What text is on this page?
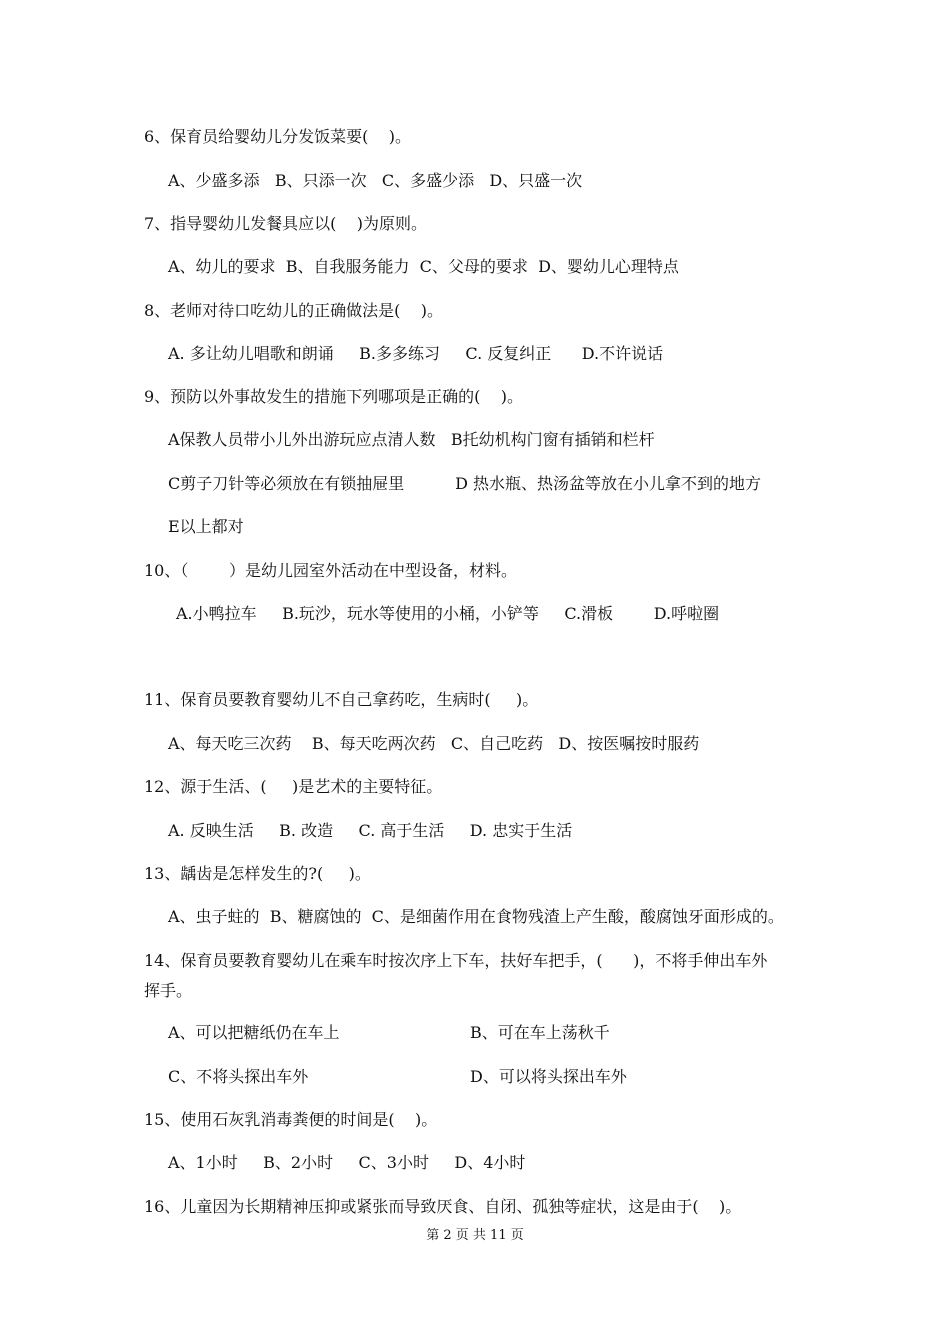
6、保育员给婴幼儿分发饭菜要(    )。

A、少盛多添   B、只添一次   C、多盛少添   D、只盛一次

7、指导婴幼儿发餐具应以(    )为原则。

A、幼儿的要求  B、自我服务能力  C、父母的要求  D、婴幼儿心理特点

8、老师对待口吃幼儿的正确做法是(    )。

A. 多让幼儿唱歌和朗诵     B.多多练习     C. 反复纠正      D.不许说话

9、预防以外事故发生的措施下列哪项是正确的(    )。

A保教人员带小儿外出游玩应点清人数   B托幼机构门窗有插销和栏杆

C剪子刀针等必须放在有锁抽屉里          D 热水瓶、热汤盆等放在小儿拿不到的地方

E以上都对

10、（        ）是幼儿园室外活动在中型设备，材料。

A.小鸭拉车     B.玩沙，玩水等使用的小桶，小铲等     C.滑板        D.呼啦圈

11、保育员要教育婴幼儿不自己拿药吃，生病时(     )。

A、每天吃三次药    B、每天吃两次药   C、自己吃药   D、按医嘱按时服药

12、源于生活、(     )是艺术的主要特征。

A. 反映生活     B. 改造     C. 高于生活     D. 忠实于生活

13、龋齿是怎样发生的?(     )。

A、虫子蛀的  B、糖腐蚀的  C、是细菌作用在食物残渣上产生酸，酸腐蚀牙面形成的。

14、保育员要教育婴幼儿在乘车时按次序上下车，扶好车把手，(      )，不将手伸出车外

挥手。

A、可以把糖纸仍在车上	B、可在车上荡秋千

C、不将头探出车外	D、可以将头探出车外

15、使用石灰乳消毒粪便的时间是(    )。

A、1小时     B、2小时     C、3小时     D、4小时

16、儿童因为长期精神压抑或紧张而导致厌食、自闭、孤独等症状，这是由于(    )。

第 2 页 共 11 页
